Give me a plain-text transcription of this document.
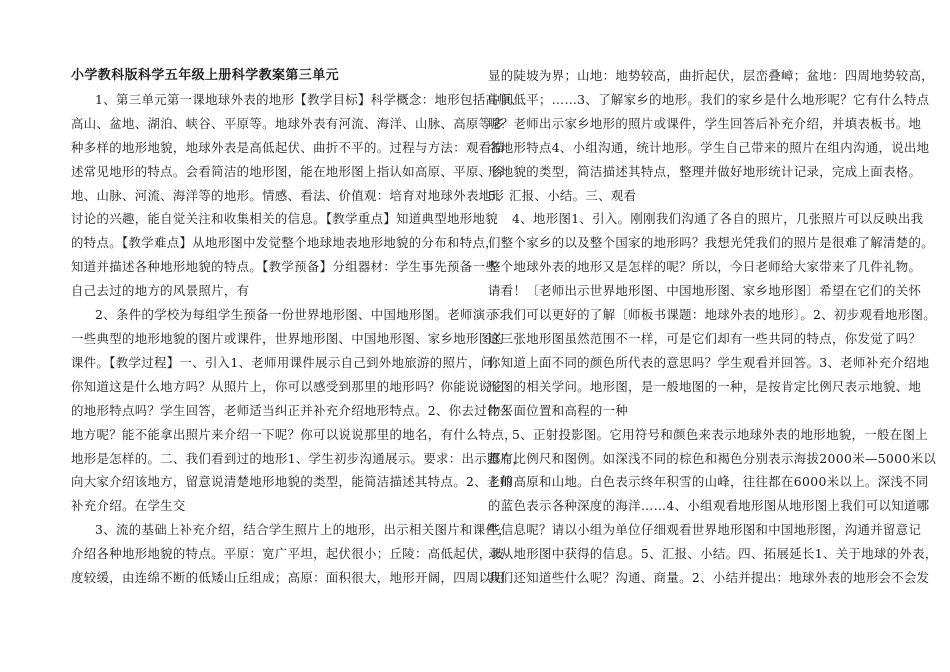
小学教科版科学五年级上册科学教案第三单元
1、第三单元第一课地球外表的地形【教学目标】科学概念：地形包括高原、
高山、盆地、湖泊、峡谷、平原等。地球外表有河流、海洋、山脉、高原等多
种多样的地形地貌，地球外表是高低起伏、曲折不平的。过程与方法：观看描
述常见地形的特点。会看简洁的地形图，能在地形图上指认如高原、平原、谷
地、山脉、河流、海洋等的地形。情感、看法、价值观：培育对地球外表地形
讨论的兴趣，能自觉关注和收集相关的信息。【教学重点】知道典型地形地貌
的特点。【教学难点】从地形图中发觉整个地球地表地形地貌的分布和特点，
知道并描述各种地形地貌的特点。【教学预备】分组器材：学生事先预备一些
自己去过的地方的风景照片，有
2、条件的学校为每组学生预备一份世界地形图、中国地形图。老师演示：
一些典型的地形地貌的图片或课件，世界地形图、中国地形图、家乡地形图的
课件。【教学过程】一、引入1、老师用课件展示自己到外地旅游的照片，问：
你知道这是什么地方吗？从照片上，你可以感受到那里的地形吗？你能说说它
的地形特点吗？学生回答，老师适当纠正并补充介绍地形特点。2、你去过什么
地方呢？能不能拿出照片来介绍一下呢？你可以说说那里的地名，有什么特点，
地形是怎样的。二、我们看到过的地形1、学生初步沟通展示。要求：出示照片，
向大家介绍该地方，留意说清楚地形地貌的类型，能简洁描述其特点。2、老师
补充介绍。在学生交
3、流的基础上补充介绍，结合学生照片上的地形，出示相关图片和课件，
介绍各种地形地貌的特点。平原：宽广平坦，起伏很小；丘陵：高低起伏，坡
度较缓，由连绵不断的低矮山丘组成；高原：面积很大，地形开阔，四周以明
显的陡坡为界；山地：地势较高，曲折起伏，层峦叠嶂；盆地：四周地势较高，
中间低平；……3、了解家乡的地形。我们的家乡是什么地形呢？它有什么特点
呢？老师出示家乡地形的照片或课件，学生回答后补充介绍，并填表板书。地
名地形特点4、小组沟通，统计地形。学生自己带来的照片在组内沟通，说出地
形地貌的类型，简洁描述其特点，整理并做好地形统计记录，完成上面表格。
5、汇报、小结。三、观看
4、地形图1、引入。刚刚我们沟通了各自的照片，几张照片可以反映出我
们整个家乡的以及整个国家的地形吗？我想光凭我们的照片是很难了解清楚的。
整个地球外表的地形又是怎样的呢？所以，今日老师给大家带来了几件礼物。
请看！〔老师出示世界地形图、中国地形图、家乡地形图〕希望在它们的关怀
下我们可以更好的了解〔师板书课题：地球外表的地形〕。2、初步观看地形图。
这三张地形图虽然范围不一样，可是它们却有一些共同的特点，你发觉了吗？
你知道上面不同的颜色所代表的意思吗？学生观看并回答。3、老师补充介绍地
形图的相关学问。地形图，是一般地图的一种，是按肯定比例尺表示地貌、地
物平面位置和高程的一种
5、正射投影图。它用符号和颜色来表示地球外表的地形地貌，一般在图上
都有比例尺和图例。如深浅不同的棕色和褐色分别表示海拔2000米—5000米以
上的高原和山地。白色表示终年积雪的山峰，往往都在6000米以上。深浅不同
的蓝色表示各种深度的海洋……4、小组观看地形图从地形图上我们可以知道哪
些信息呢？请以小组为单位仔细观看世界地形图和中国地形图，沟通并留意记
录从地形图中获得的信息。5、汇报、小结。四、拓展延长1、关于地球的外表，
我们还知道些什么呢？沟通、商量。2、小结并提出：地球外表的地形会不会发
